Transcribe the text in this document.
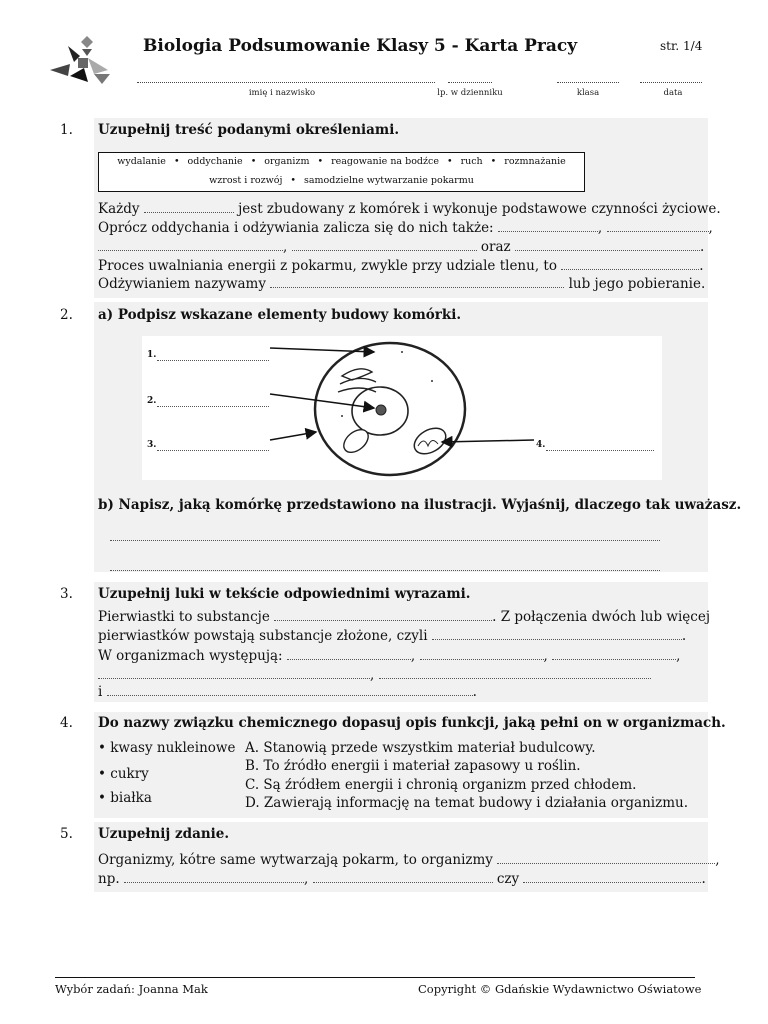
Biologia Podsumowanie Klasy 5 - Karta Pracy	str. 1/4
imię i nazwisko	lp. w dzienniku	klasa	data
1. Uzupełnij treść podanymi określeniami.
wydalanie • oddychanie • organizm • reagowanie na bodźce • ruch • rozmnażanie
wzrost i rozwój • samodzielne wytwarzanie pokarmu
Każdy	jest zbudowany z komórek i wykonuje podstawowe czynności życiowe.
Oprócz oddychania i odżywiania zalicza się do nich także:	,	,
,	oraz	.
Proces uwalniania energii z pokarmu, zwykle przy udziale tlenu, to	.
Odżywianiem nazywamy	lub jego pobieranie.
2. a) Podpisz wskazane elementy budowy komórki.
1.
2.
3.	4.
b) Napisz, jaką komórkę przedstawiono na ilustracji. Wyjaśnij, dlaczego tak uważasz.
3. Uzupełnij luki w tekście odpowiednimi wyrazami.
Pierwiastki to substancje	. Z połączenia dwóch lub więcej
pierwiastków powstają substancje złożone, czyli	.
W organizmach występują:	,	,	,
,
i	.
4. Do nazwy związku chemicznego dopasuj opis funkcji, jaką pełni on w organizmach.
• kwasy nukleinowe
• cukry
• białka
A. Stanowią przede wszystkim materiał budulcowy.
B. To źródło energii i materiał zapasowy u roślin.
C. Są źródłem energii i chronią organizm przed chłodem.
D. Zawierają informację na temat budowy i działania organizmu.
5. Uzupełnij zdanie.
Organizmy, kótre same wytwarzają pokarm, to organizmy	,
np.	,	czy	.
Wybór zadań: Joanna Mak	Copyright © Gdańskie Wydawnictwo Oświatowe
